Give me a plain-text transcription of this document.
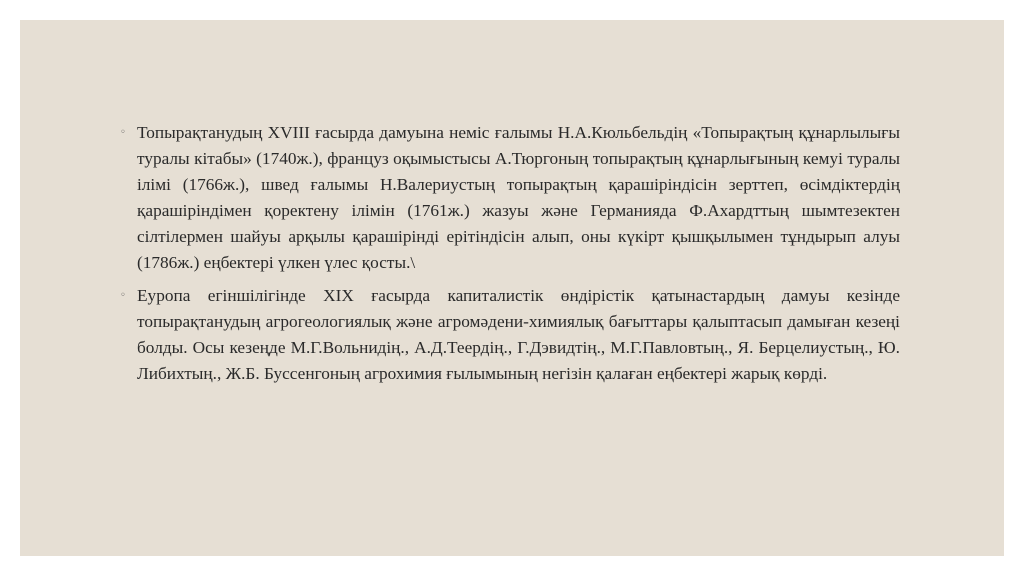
◦ Топырақтанудың XVIII ғасырда дамуына неміс ғалымы Н.А.Кюльбельдің «Топырақтың құнарлылығы туралы кітабы» (1740ж.), француз оқымыстысы А.Тюргоның топырақтың құнарлығының кемуі туралы ілімі (1766ж.), швед ғалымы Н.Валериустың топырақтың қарашіріндісін зерттеп, өсімдіктердің қарашіріндімен қоректену ілімін (1761ж.) жазуы және Германияда Ф.Ахардттың шымтезектен сілтілермен шайуы арқылы қарашіріндi ерітіндісін алып, оны күкірт қышқылымен тұндырып алуы (1786ж.) еңбектері үлкен үлес қосты.\
◦ Еуропа егіншілігінде XIX ғасырда капиталистік өндірістік қатынастардың дамуы кезінде топырақтанудың агрогеологиялық және агромәдени-химиялық бағыттары қалыптасып дамыған кезеңі болды. Осы кезеңде М.Г.Вольнидің., А.Д.Теердің., Г.Дэвидтің., М.Г.Павловтың., Я. Берцелиустың., Ю. Либихтың., Ж.Б. Буссенгоның агрохимия ғылымының негізін қалаған еңбектері жарық көрді.
